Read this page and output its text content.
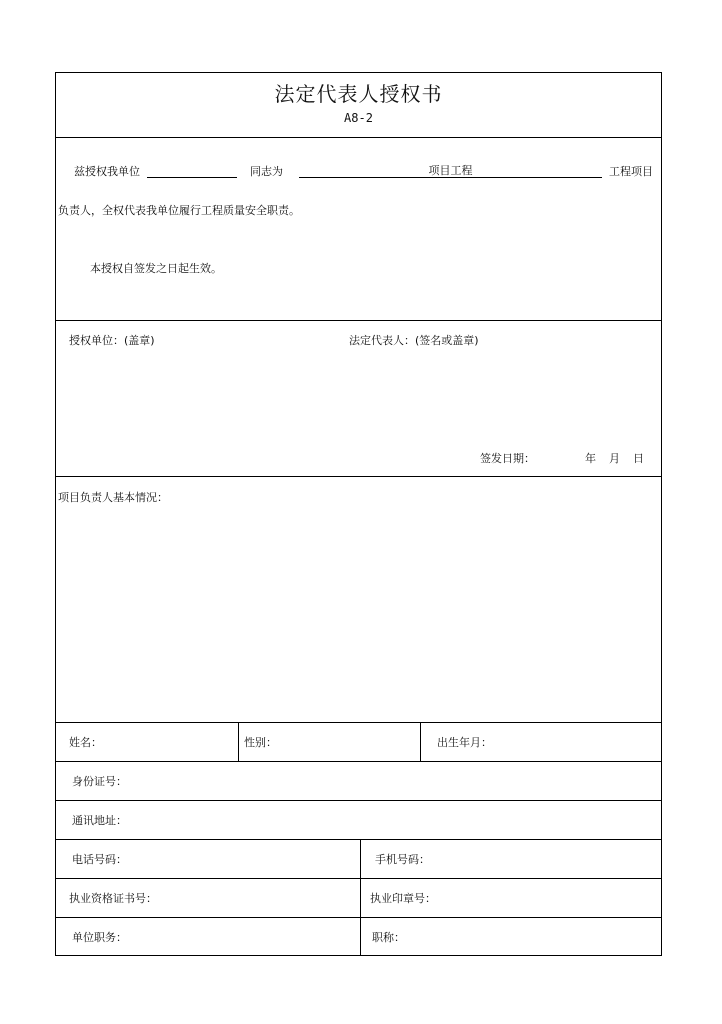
法定代表人授权书
A8-2
兹授权我单位	同志为	项目工程	工程项目
负责人，全权代表我单位履行工程质量安全职责。
本授权自签发之日起生效。
授权单位：(盖章)	法定代表人：(签名或盖章)
签发日期：	年 月 日
项目负责人基本情况：
姓名：	性别：	出生年月：
身份证号：
通讯地址：
电话号码：	手机号码：
执业资格证书号：	执业印章号：
单位职务：	职称：
